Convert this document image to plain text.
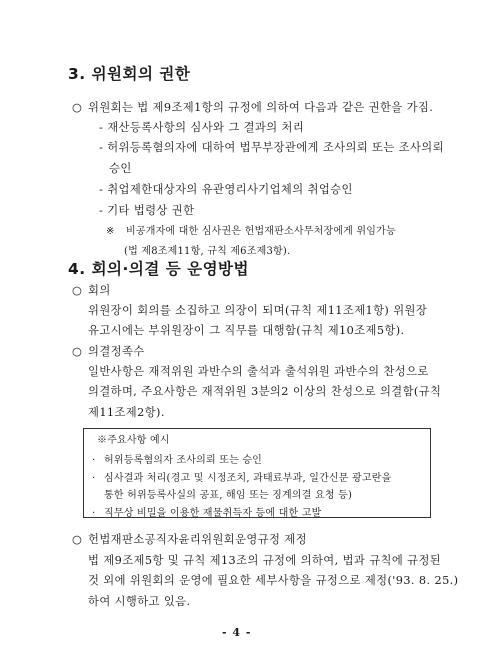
3. 위원회의 권한
○ 위원회는 법 제9조제1항의 규정에 의하여 다음과 같은 권한을 가짐.
- 재산등록사항의 심사와 그 결과의 처리
- 허위등록혐의자에 대하여 법무부장관에게 조사의뢰 또는 조사의뢰
승인
- 취업제한대상자의 유관영리사기업체의 취업승인
- 기타 법령상 권한
※ 비공개자에 대한 심사권은 헌법재판소사무처장에게 위임가능
(법 제8조제11항, 규칙 제6조제3항).
4. 회의·의결 등 운영방법
○ 회의
위원장이 회의를 소집하고 의장이 되며(규칙 제11조제1항) 위원장
유고시에는 부위원장이 그 직무를 대행함(규칙 제10조제5항).
○ 의결정족수
일반사항은 재적위원 과반수의 출석과 출석위원 과반수의 찬성으로
의결하며, 주요사항은 재적위원 3분의2 이상의 찬성으로 의결함(규칙
제11조제2항).
※주요사항 예시
· 허위등록혐의자 조사의뢰 또는 승인
· 심사결과 처리(경고 및 시정조치, 과태료부과, 일간신문 광고란을
통한 허위등록사실의 공표, 해임 또는 징계의결 요청 등)
· 직무상 비밀을 이용한 재물취득자 등에 대한 고발
○ 헌법재판소공직자윤리위원회운영규정 제정
법 제9조제5항 및 규칙 제13조의 규정에 의하여, 법과 규칙에 규정된
것 외에 위원회의 운영에 필요한 세부사항을 규정으로 제정('93. 8. 25.)
하여 시행하고 있음.
- 4 -
